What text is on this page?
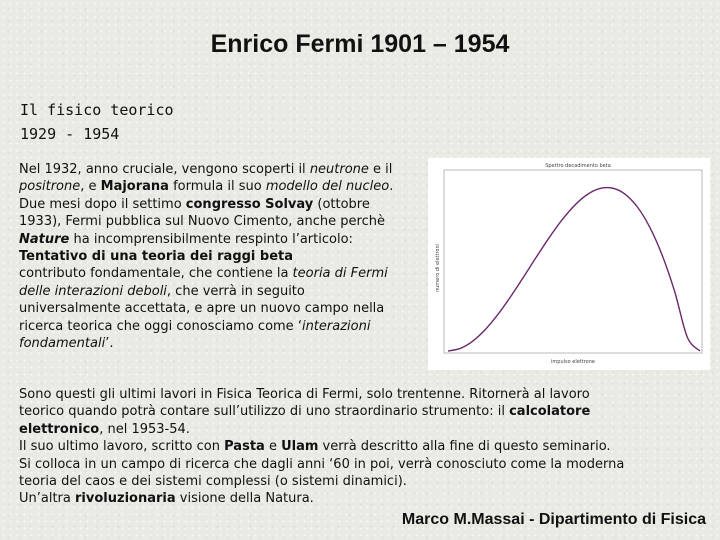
Enrico Fermi 1901 – 1954
Il fisico teorico
1929 - 1954
Nel 1932, anno cruciale, vengono scoperti il neutrone e il
positrone, e Majorana formula il suo modello del nucleo.
Due mesi dopo il settimo congresso Solvay (ottobre
1933), Fermi pubblica sul Nuovo Cimento, anche perchè
Nature ha incomprensibilmente respinto l’articolo:
Tentativo di una teoria dei raggi beta
contributo fondamentale, che contiene la teoria di Fermi
delle interazioni deboli, che verrà in seguito
universalmente accettata, e apre un nuovo campo nella
ricerca teorica che oggi conosciamo come ‘interazioni
fondamentali’.
Spettro decadimento beta
impulso elettrone
numero di elettroni
Sono questi gli ultimi lavori in Fisica Teorica di Fermi, solo trentenne. Ritornerà al lavoro
teorico quando potrà contare sull’utilizzo di uno straordinario strumento: il calcolatore
elettronico, nel 1953-54.
Il suo ultimo lavoro, scritto con Pasta e Ulam verrà descritto alla fine di questo seminario.
Si colloca in un campo di ricerca che dagli anni ‘60 in poi, verrà conosciuto come la moderna
teoria del caos e dei sistemi complessi (o sistemi dinamici).
Un’altra rivoluzionaria visione della Natura.
Marco M.Massai - Dipartimento di Fisica
